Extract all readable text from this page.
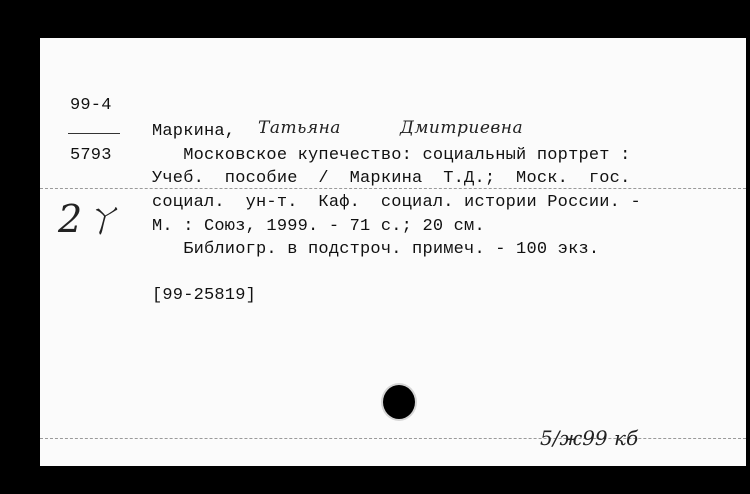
99-4
5793
Маркина, Татьяна	Дмитриевна
Московское купечество: социальный портрет :
Учеб.  пособие  /  Маркина  Т.Д.;  Моск.  гос.
социал.  ун-т.  Каф.  социал. истории России. -
М. : Союз, 1999. - 71 с.; 20 см.
Библиогр. в подстроч. примеч. - 100 экз.
[99-25819]
2ㄚ
5/ж99 кб
